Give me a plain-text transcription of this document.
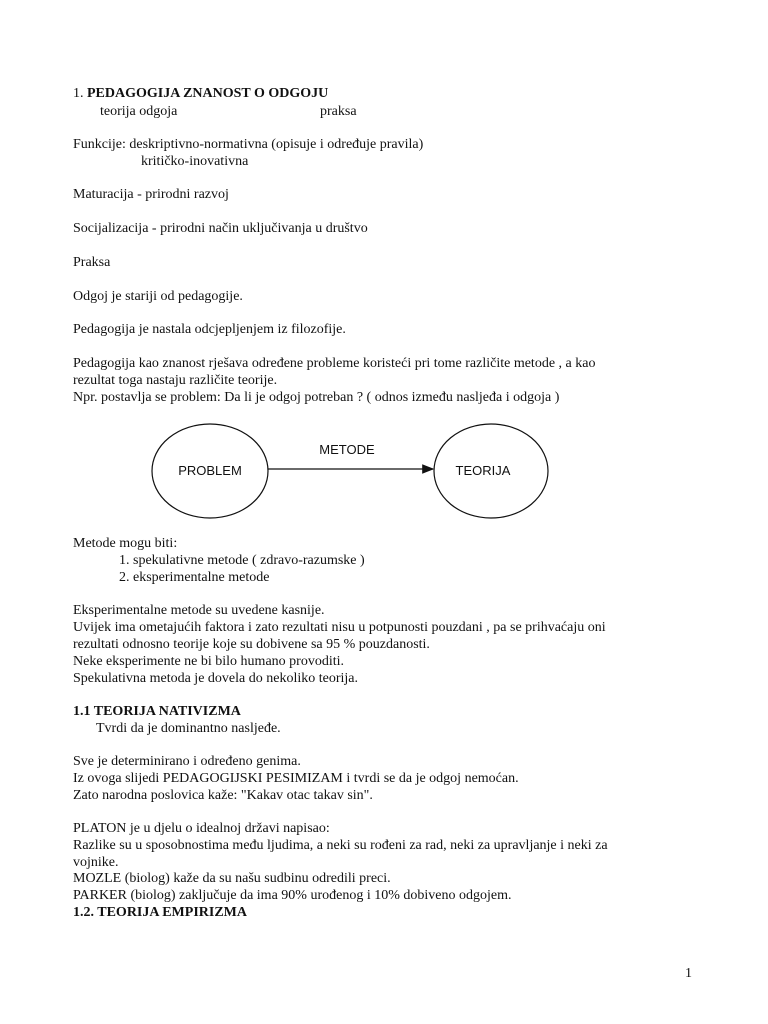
1. PEDAGOGIJA ZNANOST O ODGOJU
teorija odgoja	praksa
Funkcije: deskriptivno-normativna (opisuje i određuje pravila)
kritičko-inovativna
Maturacija - prirodni razvoj
Socijalizacija - prirodni način uključivanja u društvo
Praksa
Odgoj je stariji od pedagogije.
Pedagogija je nastala odcjepljenjem iz filozofije.
Pedagogija kao znanost rješava određene probleme koristeći pri tome različite metode , a kao
rezultat toga nastaju različite teorije.
Npr. postavlja se problem: Da li je odgoj potreban ? ( odnos između nasljeđa i odgoja )
PROBLEM	TEORIJA
METODE
Metode mogu biti:
1. spekulativne metode ( zdravo-razumske )
2. eksperimentalne metode
Eksperimentalne metode su uvedene kasnije.
Uvijek ima ometajućih faktora i zato rezultati nisu u potpunosti pouzdani , pa se prihvaćaju oni
rezultati odnosno teorije koje su dobivene sa 95 % pouzdanosti.
Neke eksperimente ne bi bilo humano provoditi.
Spekulativna metoda je dovela do nekoliko teorija.
1.1 TEORIJA NATIVIZMA
Tvrdi da je dominantno nasljeđe.
Sve je determinirano i određeno genima.
Iz ovoga slijedi PEDAGOGIJSKI PESIMIZAM i tvrdi se da je odgoj nemoćan.
Zato narodna poslovica kaže: "Kakav otac takav sin".
PLATON je u djelu o idealnoj državi napisao:
Razlike su u sposobnostima među ljudima, a neki su rođeni za rad, neki za upravljanje i neki za
vojnike.
MOZLE (biolog) kaže da su našu sudbinu odredili preci.
PARKER (biolog) zaključuje da ima 90% urođenog i 10% dobiveno odgojem.
1.2. TEORIJA EMPIRIZMA
1
